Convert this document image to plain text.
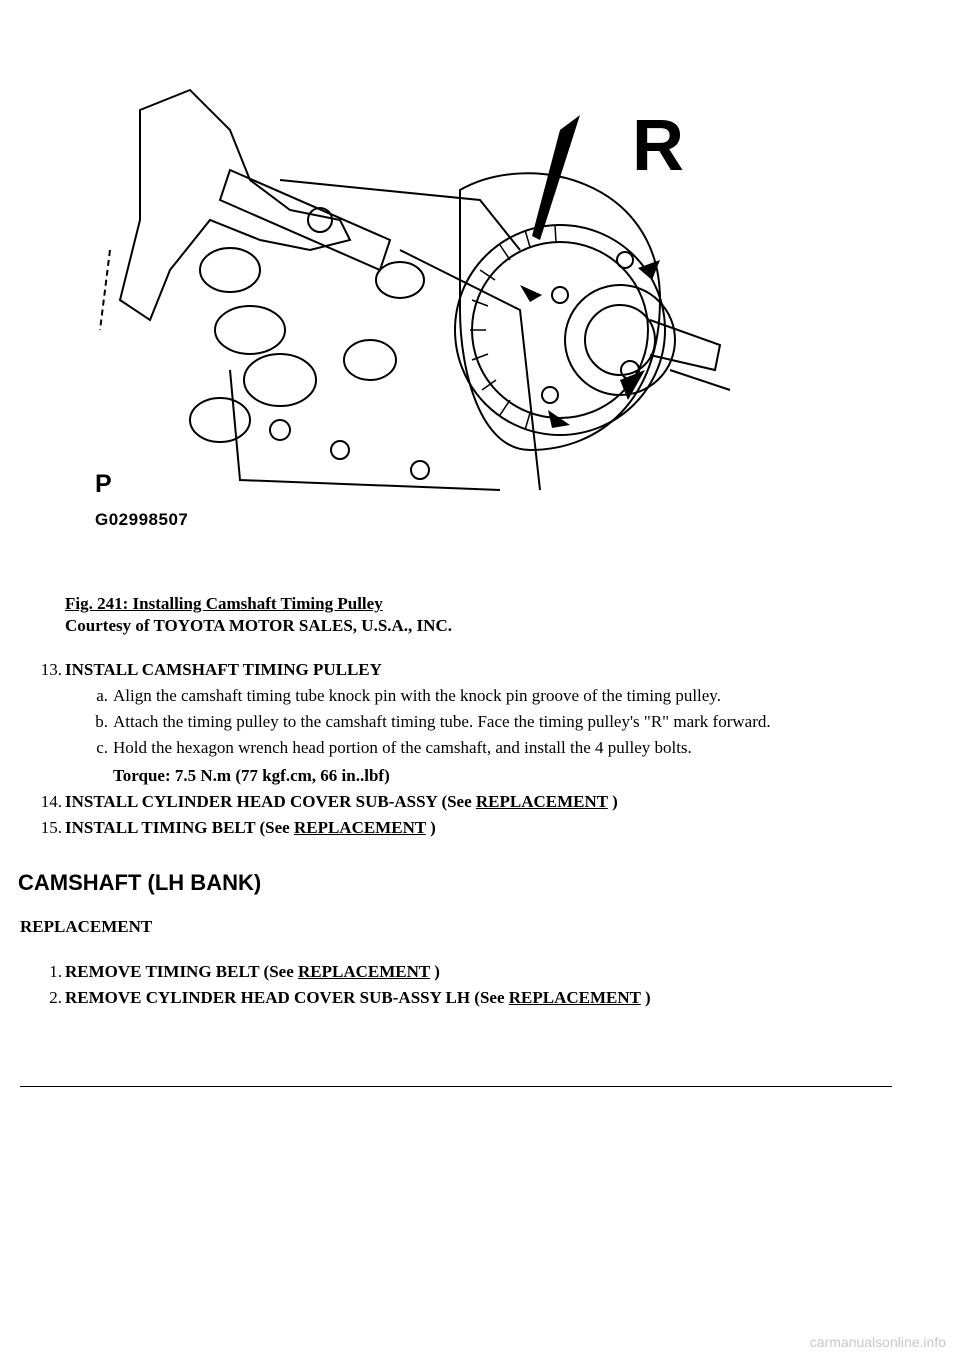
R
P
G02998507
Fig. 241: Installing Camshaft Timing Pulley
Courtesy of TOYOTA MOTOR SALES, U.S.A., INC.
13. INSTALL CAMSHAFT TIMING PULLEY
a. Align the camshaft timing tube knock pin with the knock pin groove of the timing pulley.
b. Attach the timing pulley to the camshaft timing tube. Face the timing pulley's "R" mark forward.
c. Hold the hexagon wrench head portion of the camshaft, and install the 4 pulley bolts.
Torque: 7.5 N.m (77 kgf.cm, 66 in..lbf)
14. INSTALL CYLINDER HEAD COVER SUB-ASSY (See REPLACEMENT )
15. INSTALL TIMING BELT (See REPLACEMENT )
CAMSHAFT (LH BANK)
REPLACEMENT
1. REMOVE TIMING BELT (See REPLACEMENT )
2. REMOVE CYLINDER HEAD COVER SUB-ASSY LH (See REPLACEMENT )
carmanualsonline.info
